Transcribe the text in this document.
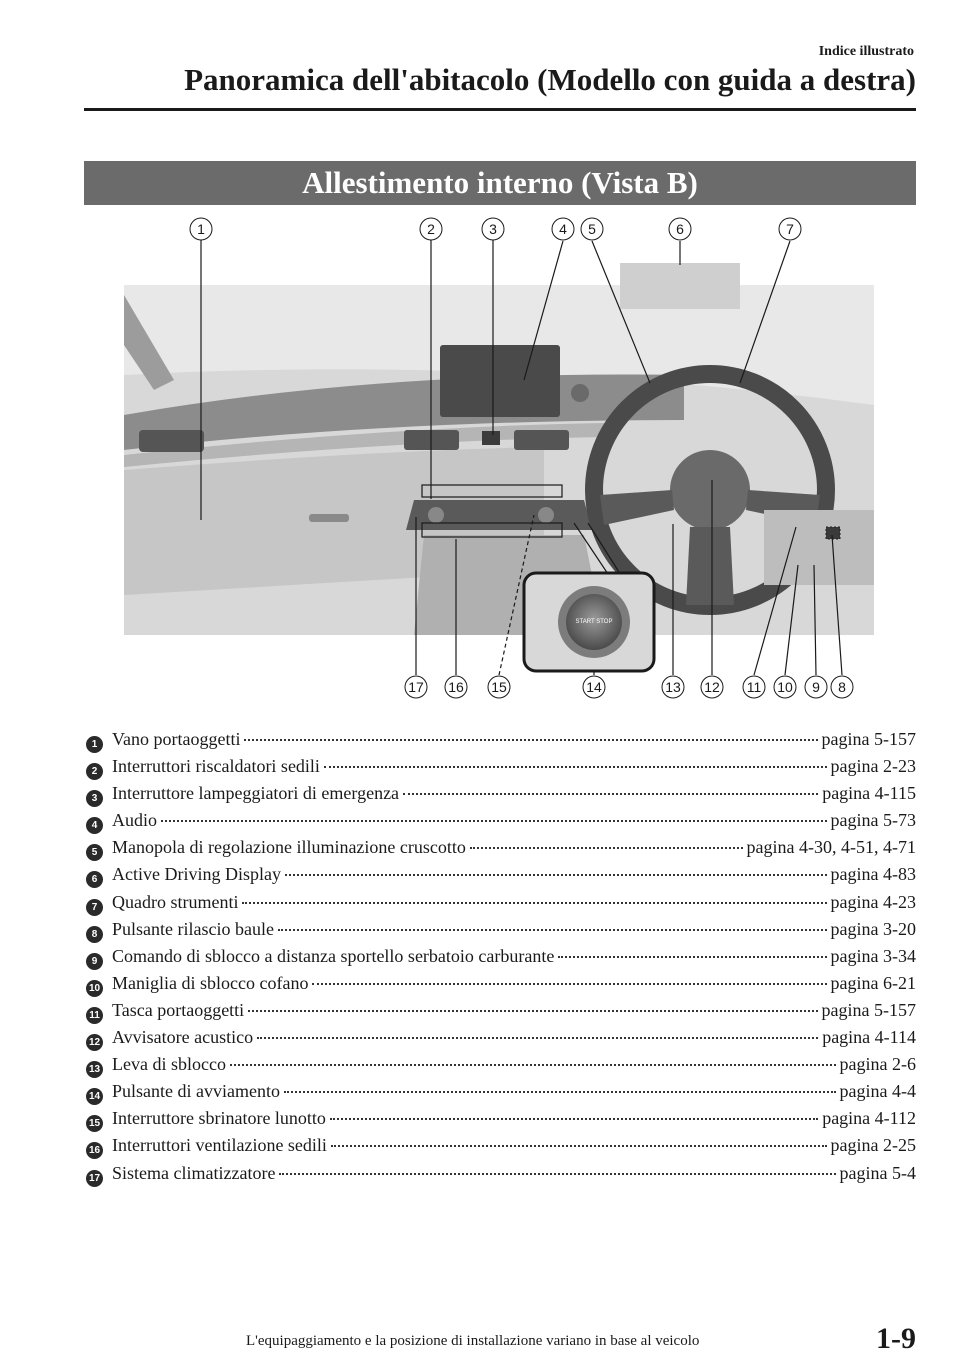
Indice illustrato
Panoramica dell'abitacolo (Modello con guida a destra)
Allestimento interno (Vista B)
START STOP
1	2	3	4 5	6	7
8
9
10
11
12
13
14
15
16
17
1 Vano portaoggetti	pagina 5-157
2 Interruttori riscaldatori sedili	pagina 2-23
3 Interruttore lampeggiatori di emergenza	pagina 4-115
4 Audio	pagina 5-73
5 Manopola di regolazione illuminazione cruscotto	pagina 4-30, 4-51, 4-71
6 Active Driving Display	pagina 4-83
7 Quadro strumenti	pagina 4-23
8 Pulsante rilascio baule	pagina 3-20
9 Comando di sblocco a distanza sportello serbatoio carburante	pagina 3-34
10 Maniglia di sblocco cofano	pagina 6-21
11 Tasca portaoggetti	pagina 5-157
12 Avvisatore acustico	pagina 4-114
13 Leva di sblocco	pagina 2-6
14 Pulsante di avviamento	pagina 4-4
15 Interruttore sbrinatore lunotto	pagina 4-112
16 Interruttori ventilazione sedili	pagina 2-25
17 Sistema climatizzatore	pagina 5-4
L'equipaggiamento e la posizione di installazione variano in base al veicolo	1-9
